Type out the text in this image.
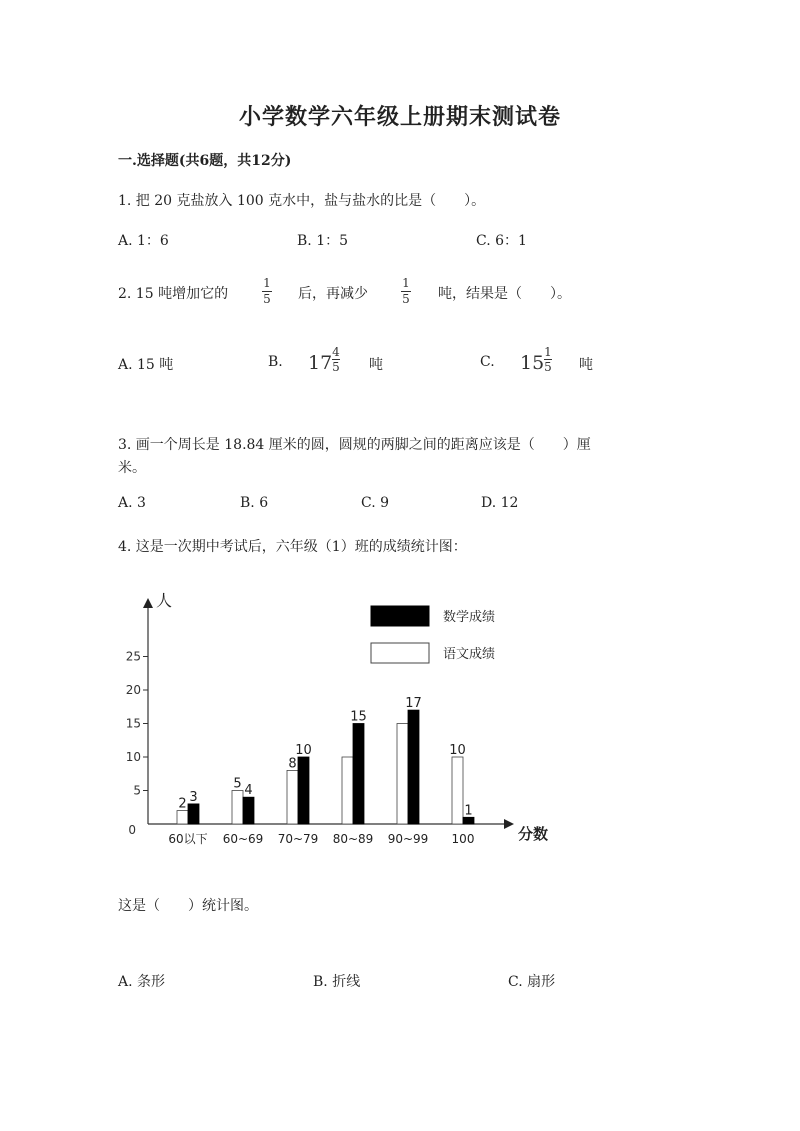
小学数学六年级上册期末测试卷
一.选择题(共6题，共12分)
1. 把 20 克盐放入 100 克水中，盐与盐水的比是（　　）。
A. 1：6	B. 1：5	C. 6：1
2. 15 吨增加它的
1
5 后，再减少
1
5 吨，结果是（　　）。
A. 15 吨	B. 17 4
5 吨	C. 15 1
5 吨
3. 画一个周长是 18.84 厘米的圆，圆规的两脚之间的距离应该是（　　）厘
米。
A. 3	B. 6	C. 9	D. 12
4. 这是一次期中考试后，六年级（1）班的成绩统计图：
人
分数
0
5
10
15
20
25
2 3
60以下
5 4
60~69
8
10
70~79
15
80~89
17
90~99
10
1
100
数学成绩
语文成绩
这是（　　）统计图。
A. 条形	B. 折线	C. 扇形
